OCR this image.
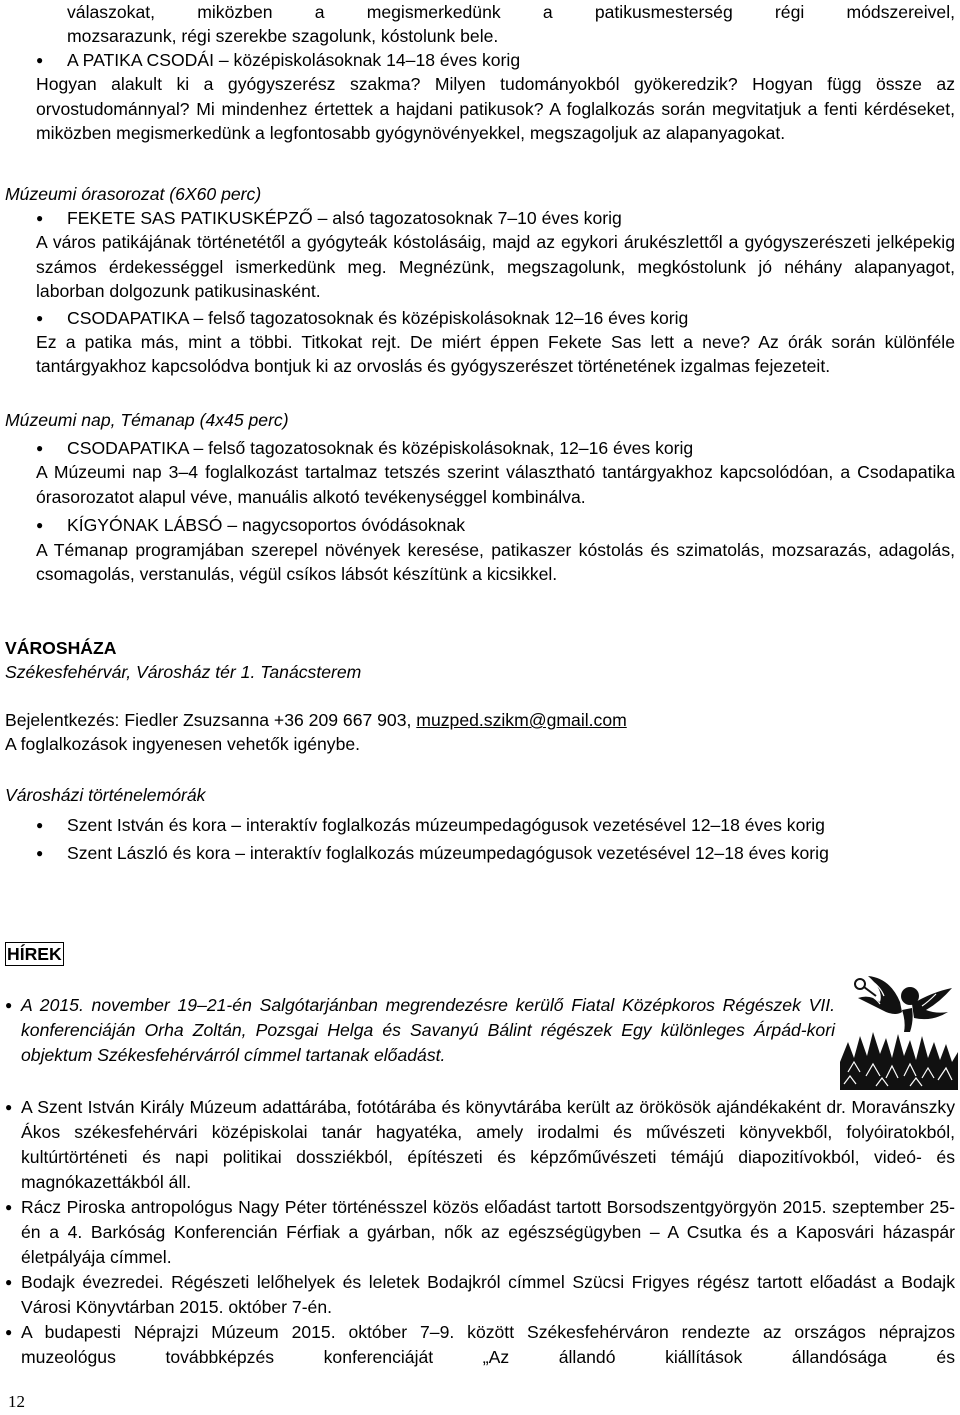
válaszokat, miközben a megismerkedünk a patikusmesterség régi módszereivel,

mozsarazunk, régi szerekbe szagolunk, kóstolunk bele.

● A PATIKA CSODÁI – középiskolásoknak 14–18 éves korig

Hogyan alakult ki a gyógyszerész szakma? Milyen tudományokból gyökeredzik? Hogyan függ össze az orvostudománnyal? Mi mindenhez értettek a hajdani patikusok? A foglalkozás során megvitatjuk a fenti kérdéseket, miközben megismerkedünk a legfontosabb gyógynövényekkel, megszagoljuk az alapanyagokat.

Múzeumi órasorozat (6X60 perc)

● FEKETE SAS PATIKUSKÉPZŐ – alsó tagozatosoknak 7–10 éves korig

A város patikájának történetétől a gyógyteák kóstolásáig, majd az egykori árukészlettől a gyógyszerészeti jelképekig számos érdekességgel ismerkedünk meg. Megnézünk, megszagolunk, megkóstolunk jó néhány alapanyagot, laborban dolgozunk patikusinasként.

● CSODAPATIKA – felső tagozatosoknak és középiskolásoknak 12–16 éves korig

Ez a patika más, mint a többi. Titkokat rejt. De miért éppen Fekete Sas lett a neve? Az órák során különféle tantárgyakhoz kapcsolódva bontjuk ki az orvoslás és gyógyszerészet történetének izgalmas fejezeteit.

Múzeumi nap, Témanap (4x45 perc)

● CSODAPATIKA – felső tagozatosoknak és középiskolásoknak, 12–16 éves korig

A Múzeumi nap 3–4 foglalkozást tartalmaz tetszés szerint választható tantárgyakhoz kapcsolódóan, a Csodapatika órasorozatot alapul véve, manuális alkotó tevékenységgel kombinálva.

● KÍGYÓNAK LÁBSÓ – nagycsoportos óvódásoknak

A Témanap programjában szerepel növények keresése, patikaszer kóstolás és szimatolás, mozsarazás, adagolás, csomagolás, verstanulás, végül csíkos lábsót készítünk a kicsikkel.

VÁROSHÁZA

Székesfehérvár, Városház tér 1. Tanácsterem

Bejelentkezés: Fiedler Zsuzsanna +36 209 667 903, muzped.szikm@gmail.com

A foglalkozások ingyenesen vehetők igénybe.

Városházi történelemórák

● Szent István és kora – interaktív foglalkozás múzeumpedagógusok vezetésével 12–18 éves korig
● Szent László és kora – interaktív foglalkozás múzeumpedagógusok vezetésével 12–18 éves korig
HÍREK

● A 2015. november 19–21-én Salgótarjánban megrendezésre kerülő Fiatal Középkoros Régészek VII. konferenciáján Orha Zoltán, Pozsgai Helga és Savanyú Bálint régészek Egy különleges Árpád-kori objektum Székesfehérvárról címmel tartanak előadást.

● A Szent István Király Múzeum adattárába, fotótárába és könyvtárába került az örökösök ajándékaként dr. Moravánszky Ákos székesfehérvári középiskolai tanár hagyatéka, amely irodalmi és művészeti könyvekből, folyóiratokból, kultúrtörténeti és napi politikai dossziékból, építészeti és képzőművészeti témájú diapozitívokból, videó- és magnókazettákból áll.

● Rácz Piroska antropológus Nagy Péter történésszel közös előadást tartott Borsodszentgyörgyön 2015. szeptember 25-én a 4. Barkóság Konferencián Férfiak a gyárban, nők az egészségügyben – A Csutka és a Kaposvári házaspár életpályája címmel.

● Bodajk évezredei. Régészeti lelőhelyek és leletek Bodajkról címmel Szücsi Frigyes régész tartott előadást a Bodajk Városi Könyvtárban 2015. október 7-én.

● A budapesti Néprajzi Múzeum 2015. október 7–9. között Székesfehérváron rendezte az országos néprajzos muzeológus továbbképzés konferenciáját „Az állandó kiállítások állandósága és

12
